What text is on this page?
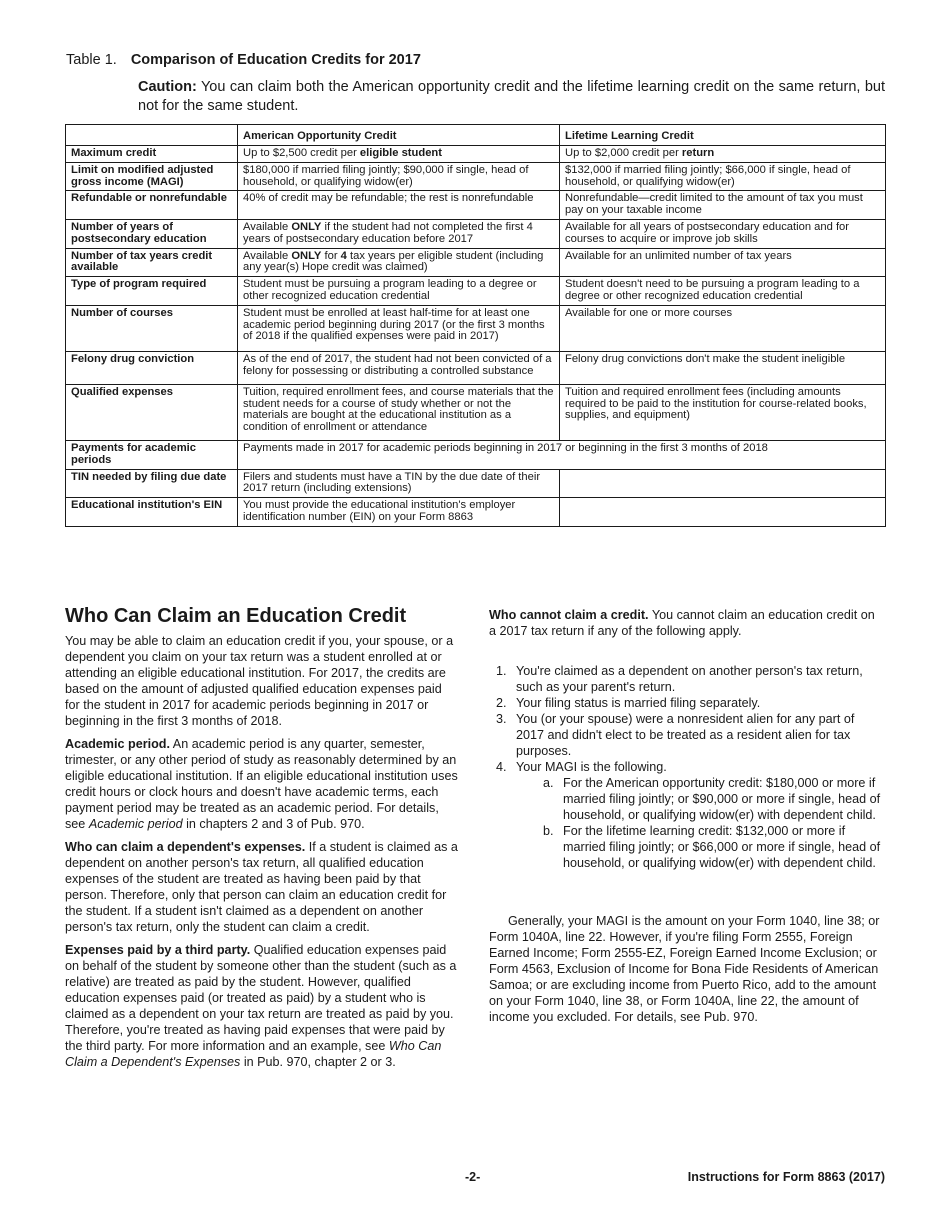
Table 1. Comparison of Education Credits for 2017
Caution: You can claim both the American opportunity credit and the lifetime learning credit on the same return, but not for the same student.
	American Opportunity Credit	Lifetime Learning Credit
Maximum credit	Up to $2,500 credit per eligible student	Up to $2,000 credit per return
Limit on modified adjusted gross income (MAGI)	$180,000 if married filing jointly; $90,000 if single, head of household, or qualifying widow(er)	$132,000 if married filing jointly; $66,000 if single, head of household, or qualifying widow(er)
Refundable or nonrefundable	40% of credit may be refundable; the rest is nonrefundable	Nonrefundable—credit limited to the amount of tax you must pay on your taxable income
Number of years of postsecondary education	Available ONLY if the student had not completed the first 4 years of postsecondary education before 2017	Available for all years of postsecondary education and for courses to acquire or improve job skills
Number of tax years credit available	Available ONLY for 4 tax years per eligible student (including any year(s) Hope credit was claimed)	Available for an unlimited number of tax years
Type of program required	Student must be pursuing a program leading to a degree or other recognized education credential	Student doesn't need to be pursuing a program leading to a degree or other recognized education credential
Number of courses	Student must be enrolled at least half-time for at least one academic period beginning during 2017 (or the first 3 months of 2018 if the qualified expenses were paid in 2017)	Available for one or more courses
Felony drug conviction	As of the end of 2017, the student had not been convicted of a felony for possessing or distributing a controlled substance	Felony drug convictions don't make the student ineligible
Qualified expenses	Tuition, required enrollment fees, and course materials that the student needs for a course of study whether or not the materials are bought at the educational institution as a condition of enrollment or attendance	Tuition and required enrollment fees (including amounts required to be paid to the institution for course-related books, supplies, and equipment)
Payments for academic periods	Payments made in 2017 for academic periods beginning in 2017 or beginning in the first 3 months of 2018	
TIN needed by filing due date	Filers and students must have a TIN by the due date of their 2017 return (including extensions)	
Educational institution's EIN	You must provide the educational institution's employer identification number (EIN) on your Form 8863	
Who Can Claim an Education Credit

You may be able to claim an education credit if you, your spouse, or a dependent you claim on your tax return was a student enrolled at or attending an eligible educational institution. For 2017, the credits are based on the amount of adjusted qualified education expenses paid for the student in 2017 for academic periods beginning in 2017 or beginning in the first 3 months of 2018.

Academic period. An academic period is any quarter, semester, trimester, or any other period of study as reasonably determined by an eligible educational institution. If an eligible educational institution uses credit hours or clock hours and doesn't have academic terms, each payment period may be treated as an academic period. For details, see Academic period in chapters 2 and 3 of Pub. 970.

Who can claim a dependent's expenses. If a student is claimed as a dependent on another person's tax return, all qualified education expenses of the student are treated as having been paid by that person. Therefore, only that person can claim an education credit for the student. If a student isn't claimed as a dependent on another person's tax return, only the student can claim a credit.

Expenses paid by a third party. Qualified education expenses paid on behalf of the student by someone other than the student (such as a relative) are treated as paid by the student. However, qualified education expenses paid (or treated as paid) by a student who is claimed as a dependent on your tax return are treated as paid by you. Therefore, you're treated as having paid expenses that were paid by the third party. For more information and an example, see Who Can Claim a Dependent's Expenses in Pub. 970, chapter 2 or 3.

Who cannot claim a credit. You cannot claim an education credit on a 2017 tax return if any of the following apply.
1. You're claimed as a dependent on another person's tax return, such as your parent's return.
2. Your filing status is married filing separately.
3. You (or your spouse) were a nonresident alien for any part of 2017 and didn't elect to be treated as a resident alien for tax purposes.
4. Your MAGI is the following.
a. For the American opportunity credit: $180,000 or more if married filing jointly; or $90,000 or more if single, head of household, or qualifying widow(er) with dependent child.
b. For the lifetime learning credit: $132,000 or more if married filing jointly; or $66,000 or more if single, head of household, or qualifying widow(er) with dependent child.
Generally, your MAGI is the amount on your Form 1040, line 38; or Form 1040A, line 22. However, if you're filing Form 2555, Foreign Earned Income; Form 2555-EZ, Foreign Earned Income Exclusion; or Form 4563, Exclusion of Income for Bona Fide Residents of American Samoa; or are excluding income from Puerto Rico, add to the amount on your Form 1040, line 38, or Form 1040A, line 22, the amount of income you excluded. For details, see Pub. 970.
-2-	Instructions for Form 8863 (2017)
